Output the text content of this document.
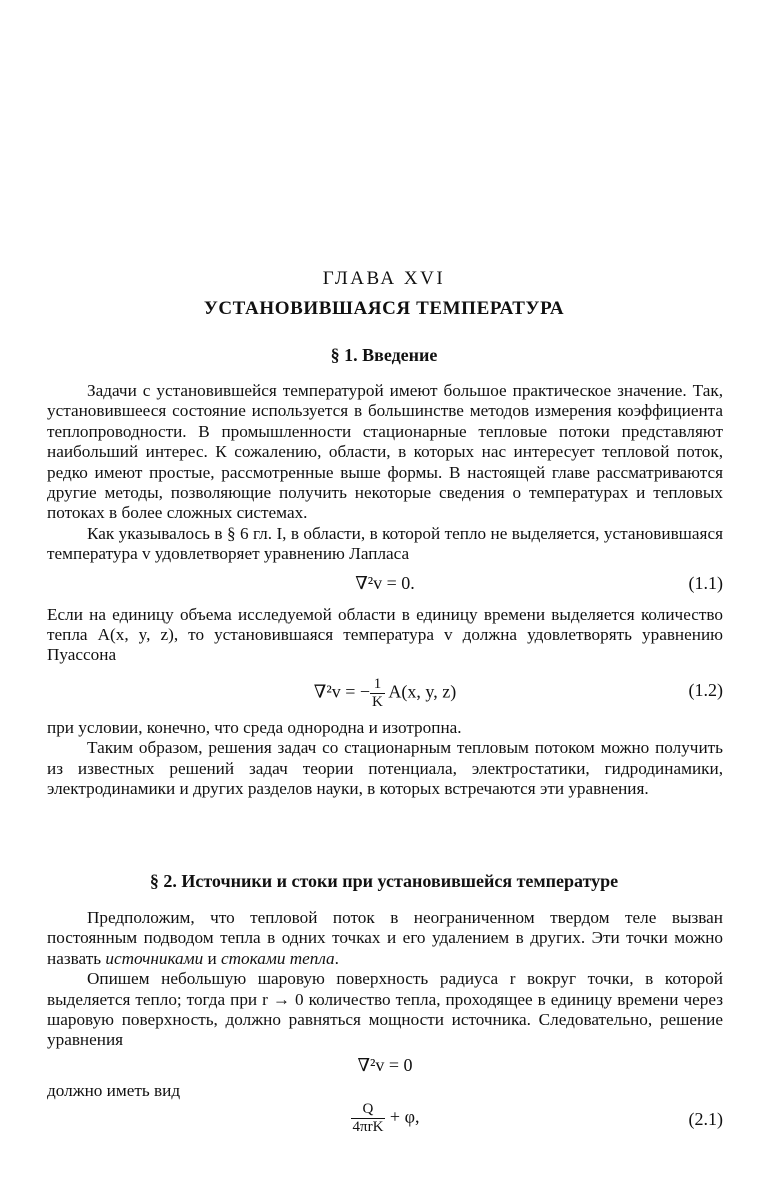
ГЛАВА XVI
УСТАНОВИВШАЯСЯ ТЕМПЕРАТУРА
§ 1. Введение

Задачи с установившейся температурой имеют большое практическое значение. Так, установившееся состояние используется в большинстве методов измерения коэффициента теплопроводности. В промышленности стационарные тепловые потоки представляют наибольший интерес. К сожалению, области, в которых нас интересует тепловой поток, редко имеют простые, рассмотренные выше формы. В настоящей главе рассматриваются другие методы, позволяющие получить некоторые сведения о температурах и тепловых потоках в более сложных системах.

Как указывалось в § 6 гл. I, в области, в которой тепло не выделяется, установившаяся температура v удовлетворяет уравнению Лапласа

∇²v = 0.	(1.1)

Если на единицу объема исследуемой области в единицу времени выделяется количество тепла A(x, y, z), то установившаяся температура v должна удовлетворять уравнению Пуассона

∇²v = − $\frac{1}{K} A(x$, y, z)	(1.2)

при условии, конечно, что среда однородна и изотропна.

Таким образом, решения задач со стационарным тепловым потоком можно получить из известных решений задач теории потенциала, электростатики, гидродинамики, электродинамики и других разделов науки, в которых встречаются эти уравнения.

§ 2. Источники и стоки при установившейся температуре

Предположим, что тепловой поток в неограниченном твердом теле вызван постоянным подводом тепла в одних точках и его удалением в других. Эти точки можно назвать источниками и стоками тепла.

Опишем небольшую шаровую поверхность радиуса r вокруг точки, в которой выделяется тепло; тогда при r → 0 количество тепла, проходящее в единицу времени через шаровую поверхность, должно равняться мощности источника. Следовательно, решение уравнения

∇²v = 0

должно иметь вид

$\frac{Q}{\text{4πrK}} + \varphi$,	(2.1)
